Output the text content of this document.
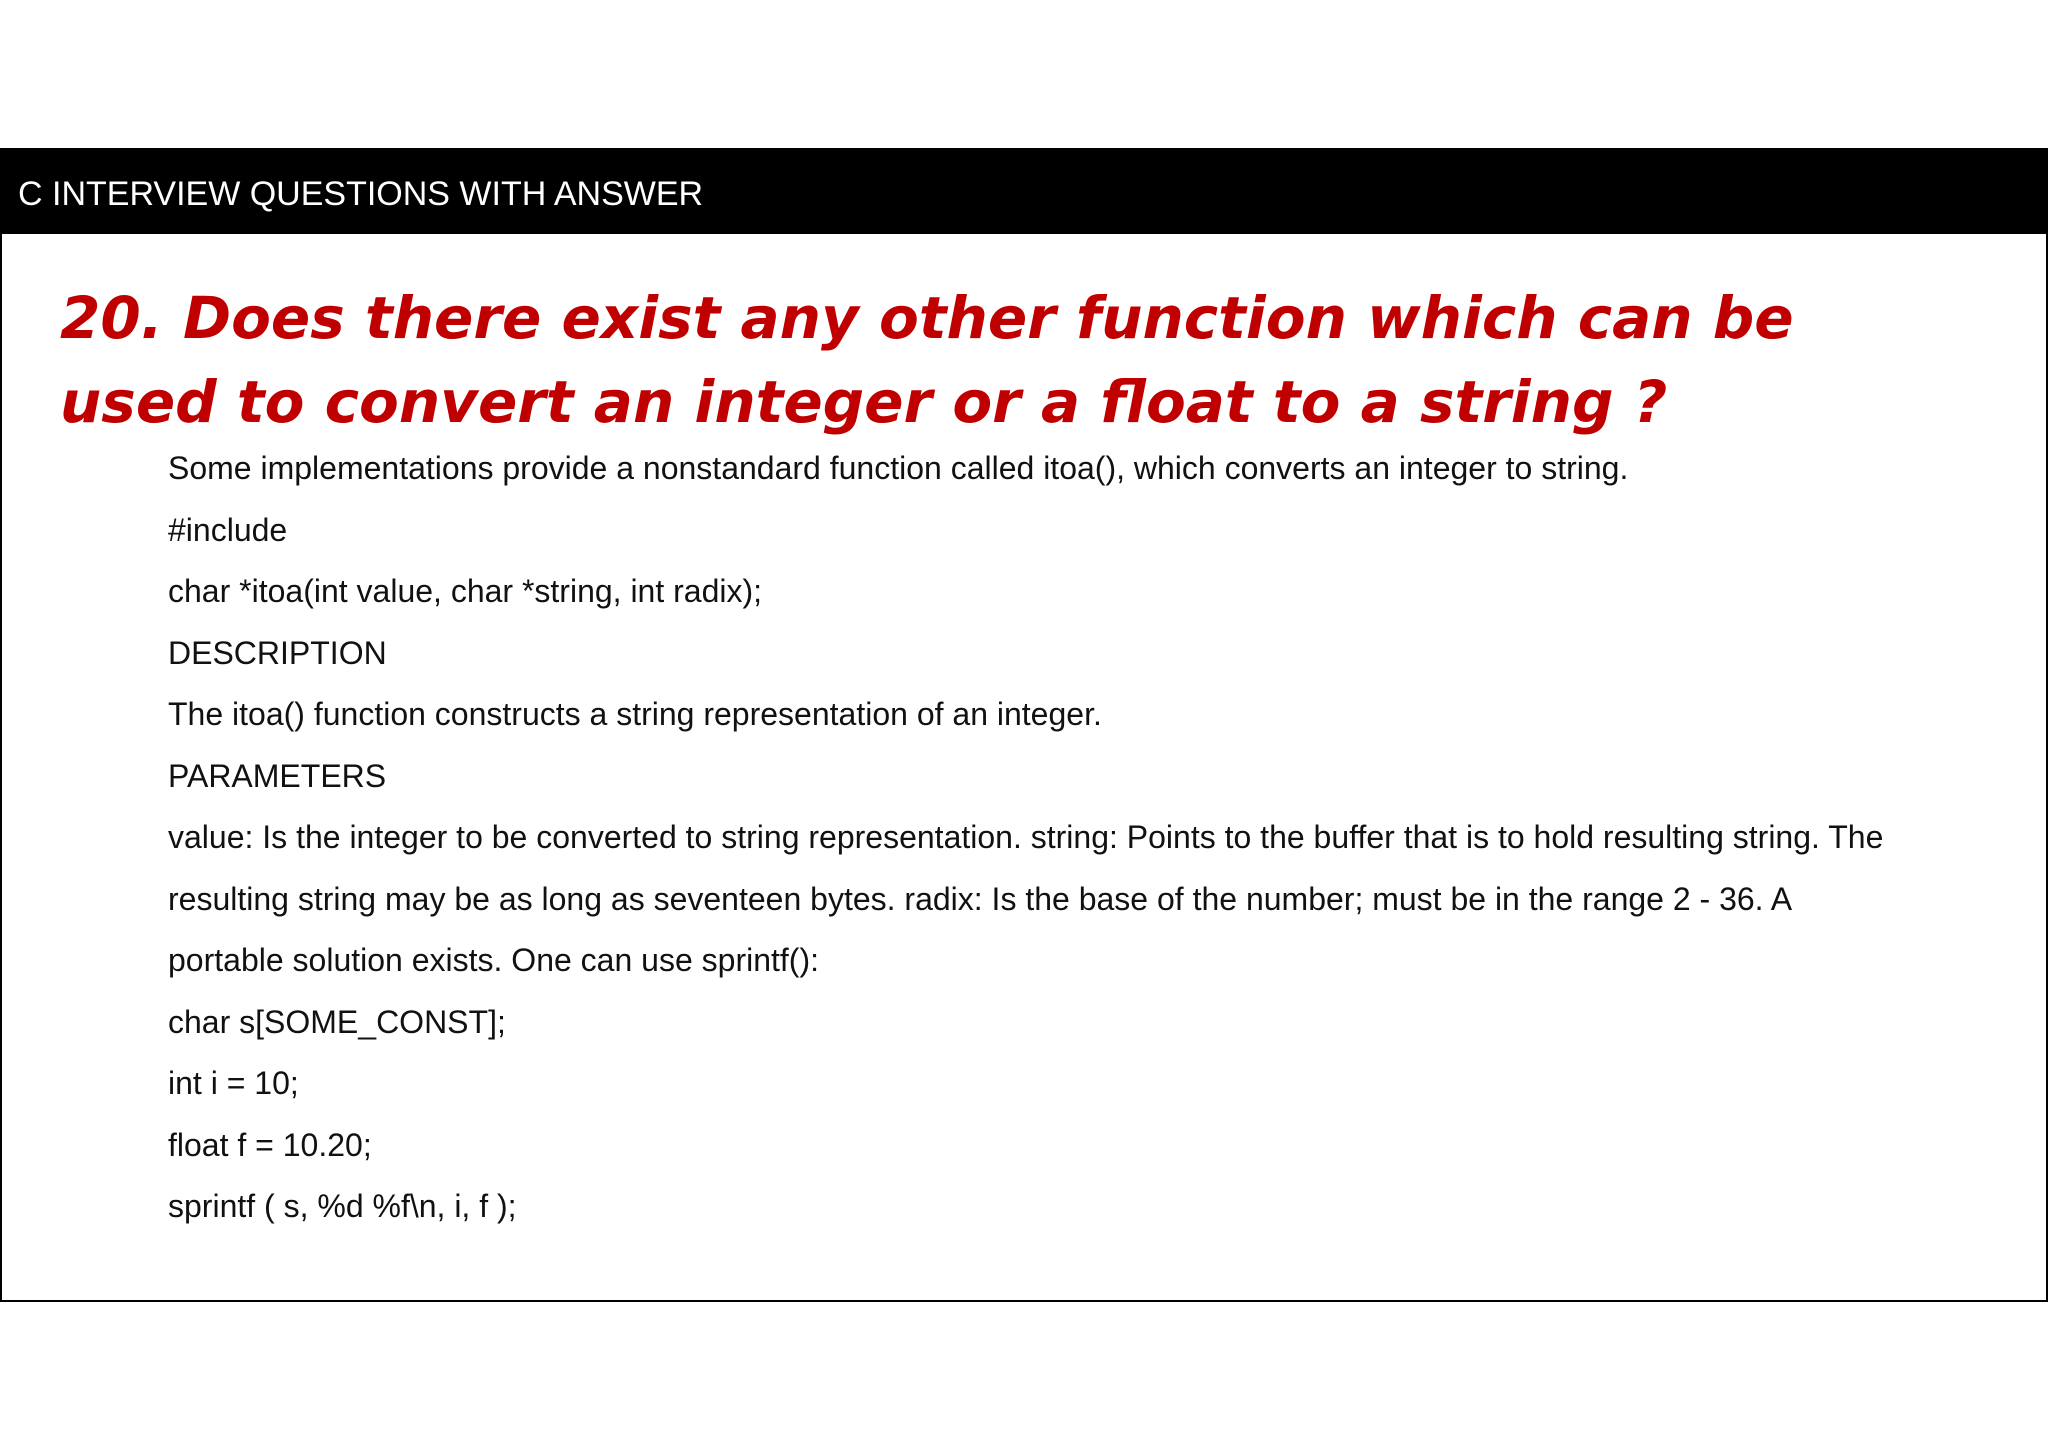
C INTERVIEW QUESTIONS WITH ANSWER
20. Does there exist any other function which can be
used to convert an integer or a float to a string ?

Some implementations provide a nonstandard function called itoa(), which converts an integer to string.

#include

char *itoa(int value, char *string, int radix);

DESCRIPTION

The itoa() function constructs a string representation of an integer.

PARAMETERS

value: Is the integer to be converted to string representation. string: Points to the buffer that is to hold resulting string. The

resulting string may be as long as seventeen bytes. radix: Is the base of the number; must be in the range 2 - 36. A

portable solution exists. One can use sprintf():

char s[SOME_CONST];

int i = 10;

float f = 10.20;

sprintf ( s, %d %f\n, i, f );
